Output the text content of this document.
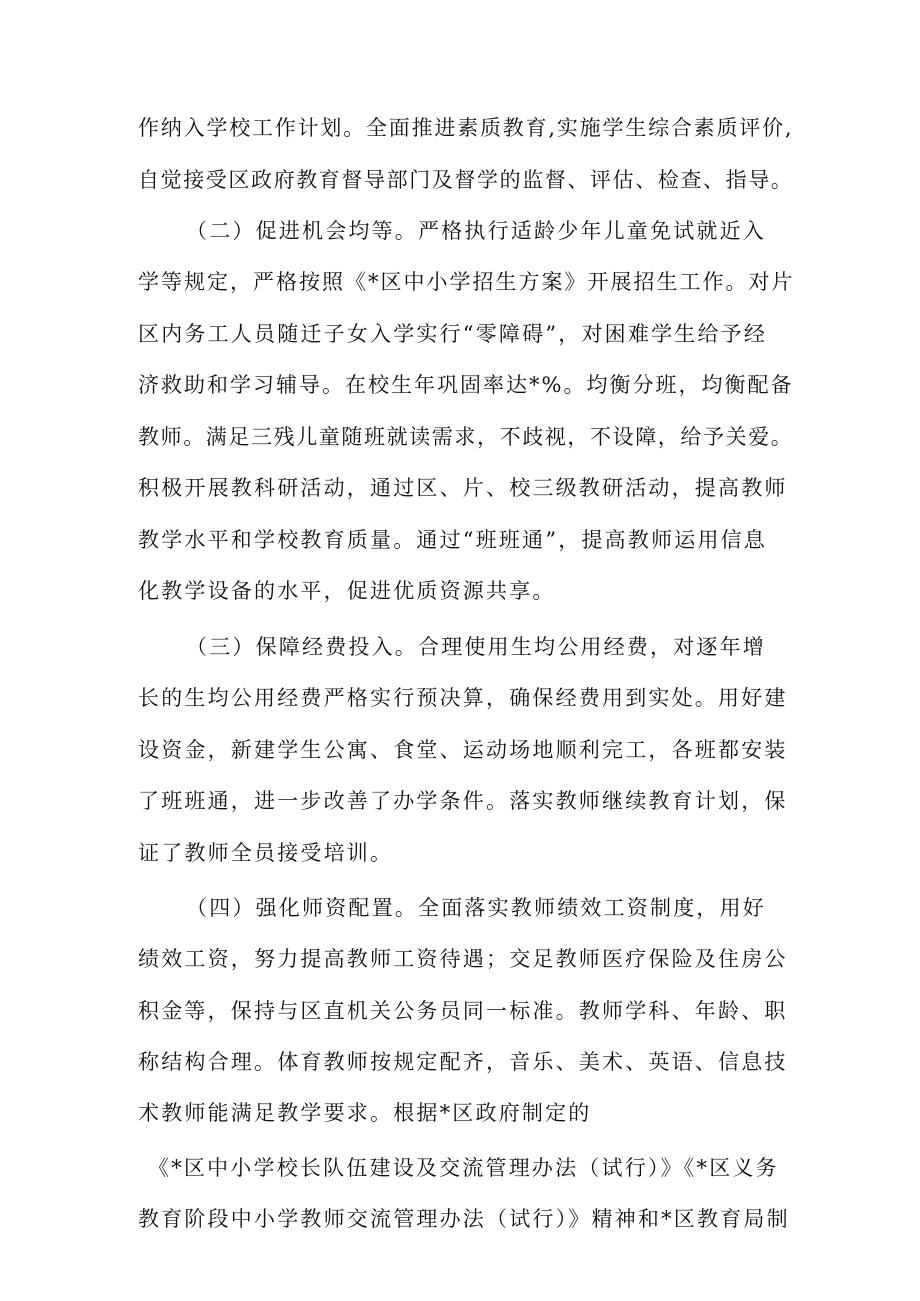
作纳入学校工作计划。全面推进素质教育,实施学生综合素质评价,
自觉接受区政府教育督导部门及督学的监督、评估、检查、指导。
（二）促进机会均等。严格执行适龄少年儿童免试就近入
学等规定，严格按照《*区中小学招生方案》开展招生工作。对片
区内务工人员随迁子女入学实行“零障碍”，对困难学生给予经
济救助和学习辅导。在校生年巩固率达*%。均衡分班，均衡配备
教师。满足三残儿童随班就读需求，不歧视，不设障，给予关爱。
积极开展教科研活动，通过区、片、校三级教研活动，提高教师
教学水平和学校教育质量。通过“班班通”，提高教师运用信息
化教学设备的水平，促进优质资源共享。
（三）保障经费投入。合理使用生均公用经费，对逐年增
长的生均公用经费严格实行预决算，确保经费用到实处。用好建
设资金，新建学生公寓、食堂、运动场地顺利完工，各班都安装
了班班通，进一步改善了办学条件。落实教师继续教育计划，保
证了教师全员接受培训。
（四）强化师资配置。全面落实教师绩效工资制度，用好
绩效工资，努力提高教师工资待遇；交足教师医疗保险及住房公
积金等，保持与区直机关公务员同一标准。教师学科、年龄、职
称结构合理。体育教师按规定配齐，音乐、美术、英语、信息技
术教师能满足教学要求。根据*区政府制定的
《*区中小学校长队伍建设及交流管理办法（试行）》《*区义务
教育阶段中小学教师交流管理办法（试行）》精神和*区教育局制
